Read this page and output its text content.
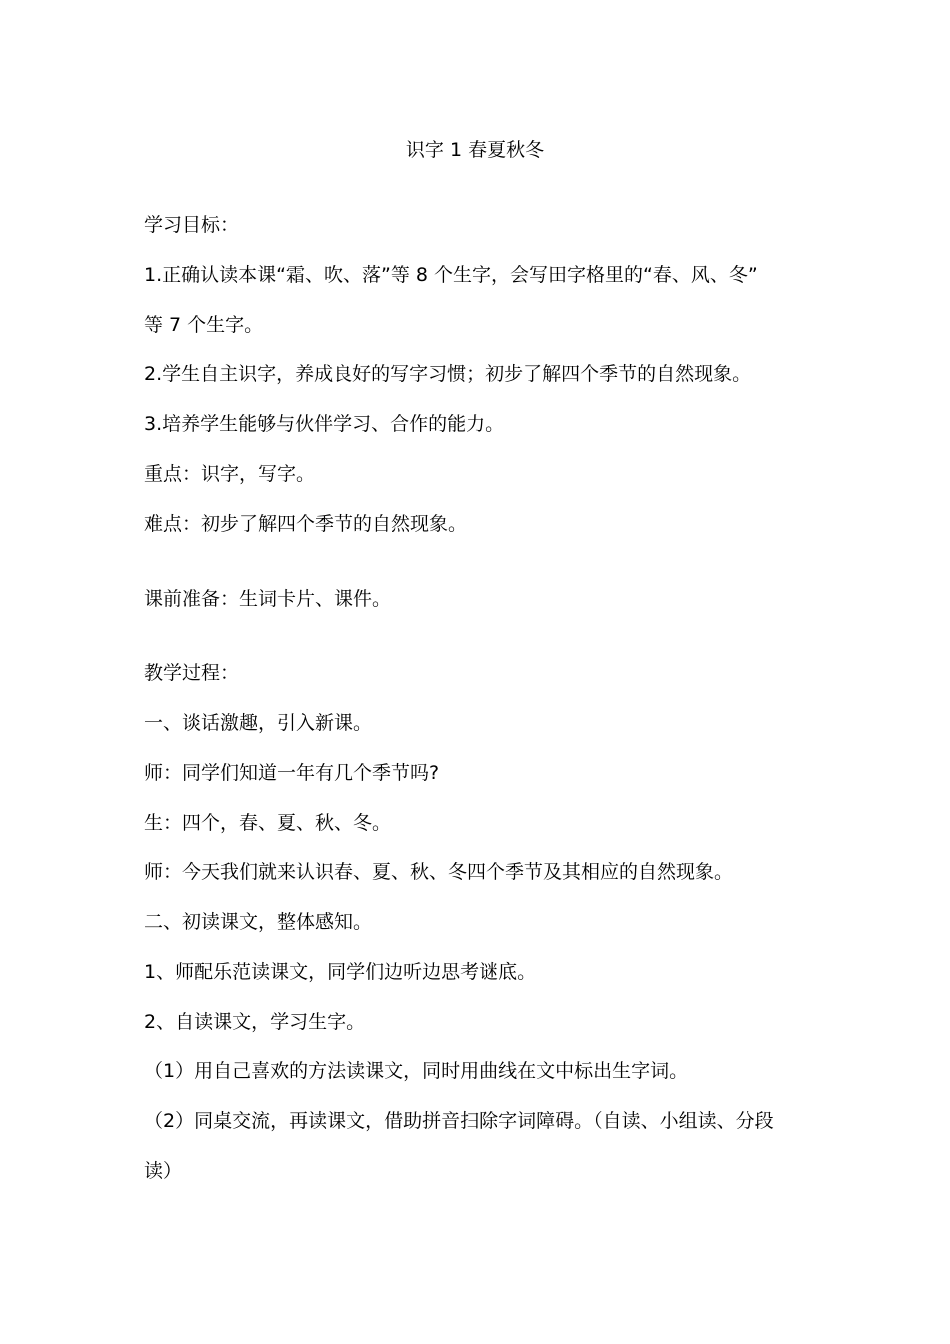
识字 1 春夏秋冬
学习目标：
1.正确认读本课“霜、吹、落”等 8 个生字，会写田字格里的“春、风、冬”
等 7 个生字。
2.学生自主识字，养成良好的写字习惯；初步了解四个季节的自然现象。
3.培养学生能够与伙伴学习、合作的能力。
重点：识字，写字。
难点：初步了解四个季节的自然现象。
课前准备：生词卡片、课件。
教学过程：
一、谈话激趣，引入新课。
师：同学们知道一年有几个季节吗?
生：四个，春、夏、秋、冬。
师：今天我们就来认识春、夏、秋、冬四个季节及其相应的自然现象。
二、初读课文，整体感知。
1、师配乐范读课文，同学们边听边思考谜底。
2、自读课文，学习生字。
（1）用自己喜欢的方法读课文，同时用曲线在文中标出生字词。
（2）同桌交流，再读课文，借助拼音扫除字词障碍。（自读、小组读、分段
读）
